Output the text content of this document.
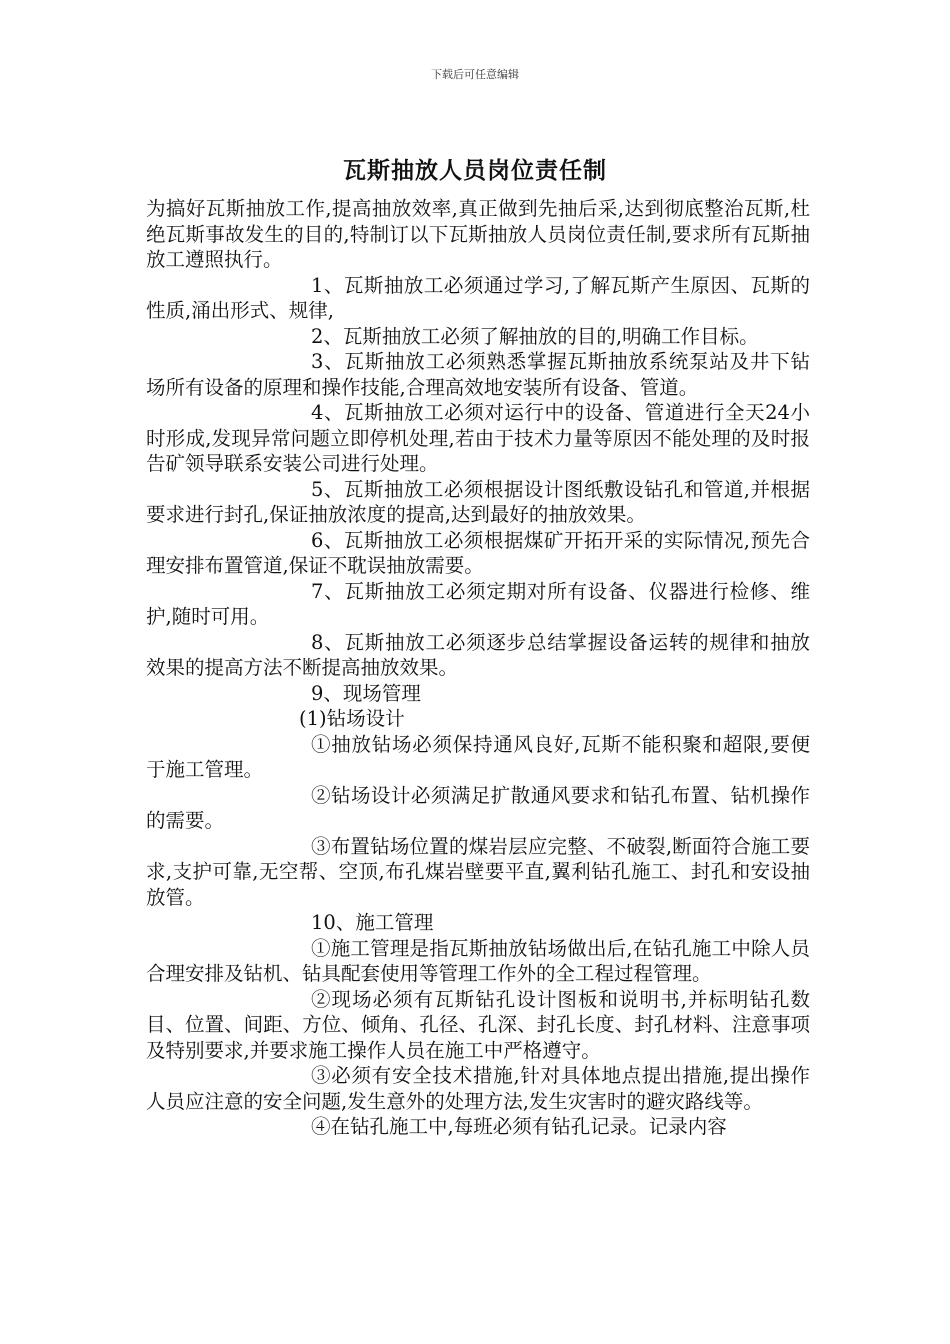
下载后可任意编辑
瓦斯抽放人员岗位责任制

为搞好瓦斯抽放工作,提高抽放效率,真正做到先抽后采,达到彻底整治瓦斯,杜绝瓦斯事故发生的目的,特制订以下瓦斯抽放人员岗位责任制,要求所有瓦斯抽放工遵照执行。

1、瓦斯抽放工必须通过学习,了解瓦斯产生原因、瓦斯的性质,涌出形式、规律,

2、瓦斯抽放工必须了解抽放的目的,明确工作目标。

3、瓦斯抽放工必须熟悉掌握瓦斯抽放系统泵站及井下钻场所有设备的原理和操作技能,合理高效地安装所有设备、管道。

4、瓦斯抽放工必须对运行中的设备、管道进行全天24小时形成,发现异常问题立即停机处理,若由于技术力量等原因不能处理的及时报告矿领导联系安装公司进行处理。

5、瓦斯抽放工必须根据设计图纸敷设钻孔和管道,并根据要求进行封孔,保证抽放浓度的提高,达到最好的抽放效果。

6、瓦斯抽放工必须根据煤矿开拓开采的实际情况,预先合理安排布置管道,保证不耽误抽放需要。

7、瓦斯抽放工必须定期对所有设备、仪器进行检修、维护,随时可用。

8、瓦斯抽放工必须逐步总结掌握设备运转的规律和抽放效果的提高方法不断提高抽放效果。

9、现场管理

(1)钻场设计

①抽放钻场必须保持通风良好,瓦斯不能积聚和超限,要便于施工管理。

②钻场设计必须满足扩散通风要求和钻孔布置、钻机操作的需要。

③布置钻场位置的煤岩层应完整、不破裂,断面符合施工要求,支护可靠,无空帮、空顶,布孔煤岩壁要平直,翼利钻孔施工、封孔和安设抽放管。

10、施工管理

①施工管理是指瓦斯抽放钻场做出后,在钻孔施工中除人员合理安排及钻机、钻具配套使用等管理工作外的全工程过程管理。

②现场必须有瓦斯钻孔设计图板和说明书,并标明钻孔数目、位置、间距、方位、倾角、孔径、孔深、封孔长度、封孔材料、注意事项及特别要求,并要求施工操作人员在施工中严格遵守。

③必须有安全技术措施,针对具体地点提出措施,提出操作人员应注意的安全问题,发生意外的处理方法,发生灾害时的避灾路线等。

④在钻孔施工中,每班必须有钻孔记录。记录内容
